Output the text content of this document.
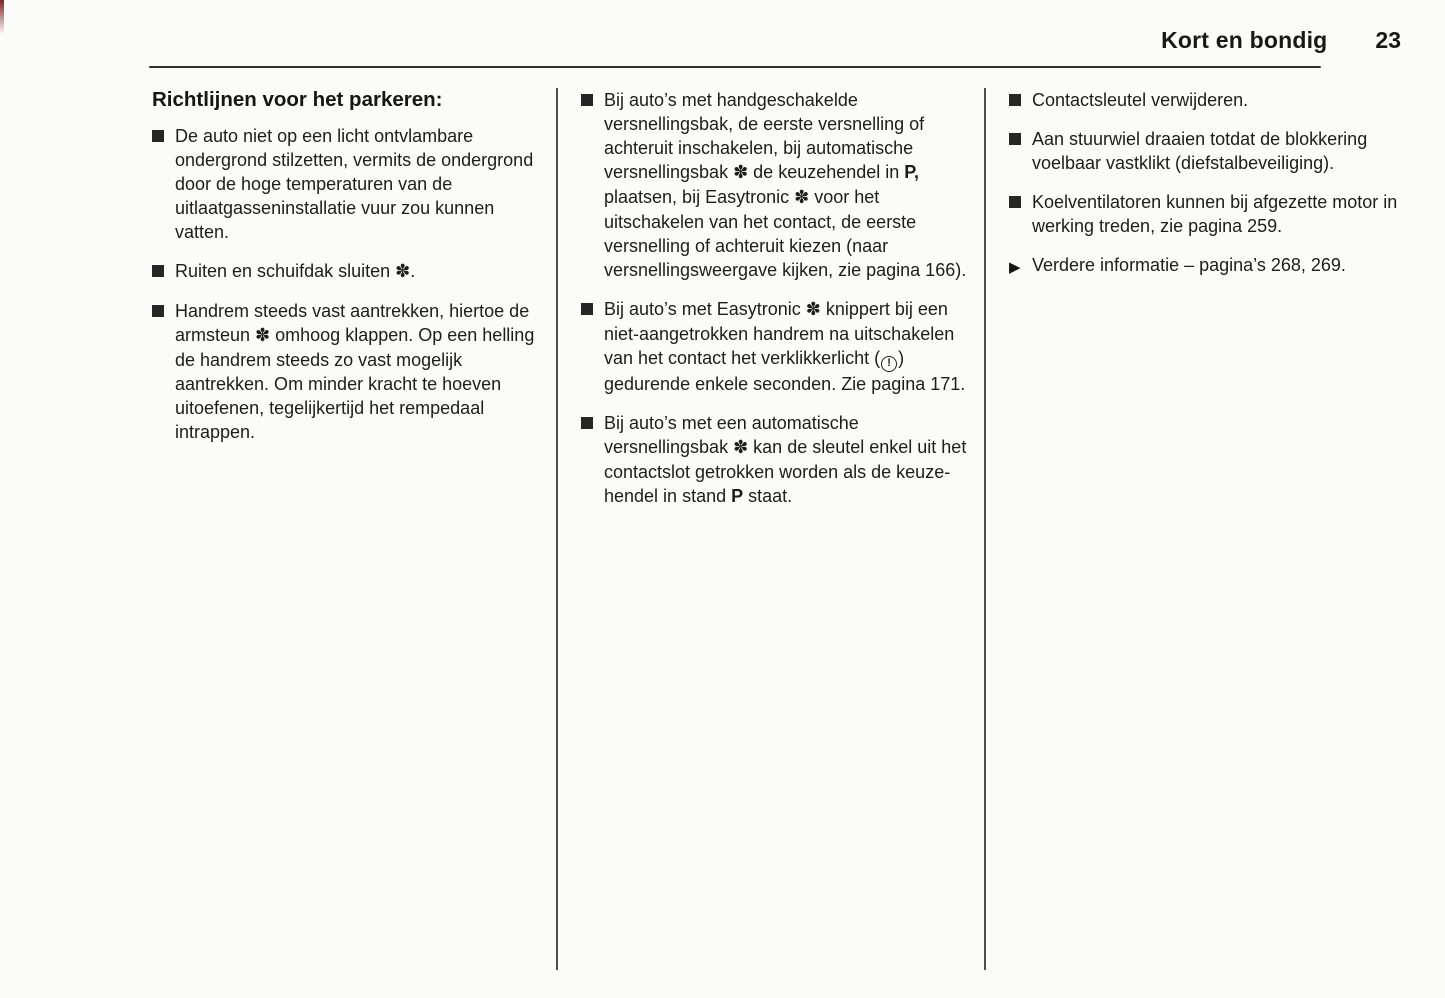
Kort en bondig 23
Richtlijnen voor het parkeren:
De auto niet op een licht ontvlambare ondergrond stilzetten, vermits de ondergrond door de hoge temperaturen van de uitlaatgasseninstallatie vuur zou kunnen vatten.
Ruiten en schuifdak sluiten ✽.
Handrem steeds vast aantrekken, hiertoe de armsteun ✽ omhoog klappen. Op een helling de handrem steeds zo vast mogelijk aantrekken. Om minder kracht te hoeven uitoefenen, tegelijkertijd het rempedaal intrappen.
Bij auto’s met handgeschakelde versnellingsbak, de eerste versnelling of achteruit inschakelen, bij automatische versnellingsbak ✽ de keuzehendel in P, plaatsen, bij Easytronic ✽ voor het uitschakelen van het contact, de eerste versnelling of achteruit kiezen (naar versnellingsweergave kijken, zie pagina 166).
Bij auto’s met Easytronic ✽ knippert bij een niet-aangetrokken handrem na uitschakelen van het contact het verklikkerlicht ( ! ) gedurende enkele seconden. Zie pagina 171.
Bij auto’s met een automatische versnellingsbak ✽ kan de sleutel enkel uit het contactslot getrokken worden als de keuze-hendel in stand P staat.
Contactsleutel verwijderen.
Aan stuurwiel draaien totdat de blokkering voelbaar vastklikt (diefstalbeveiliging).
Koelventilatoren kunnen bij afgezette motor in werking treden, zie pagina 259.
▶ Verdere informatie – pagina’s 268, 269.
